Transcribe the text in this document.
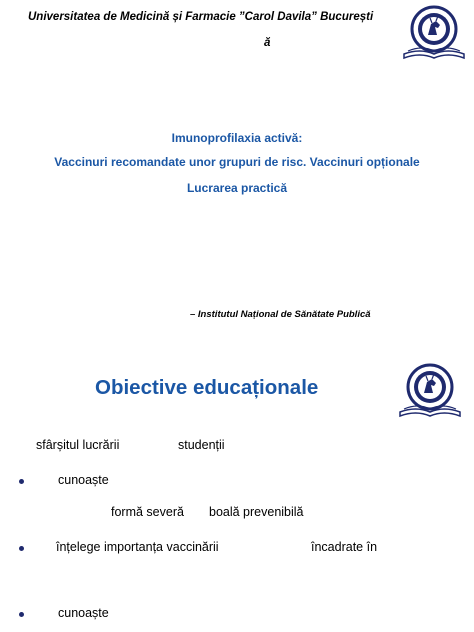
Universitatea de Medicină și Farmacie ”Carol Davila” București
ă
Imunoprofilaxia activă:
Vaccinuri recomandate unor grupuri de risc. Vaccinuri opționale
Lucrarea practică
– Institutul Național de Sănătate Publică
Obiective educaționale
sfârșitul lucrării	studenții
cunoaște
formă severă boală prevenibilă
înțelege importanța vaccinării	încadrate în
cunoaște
